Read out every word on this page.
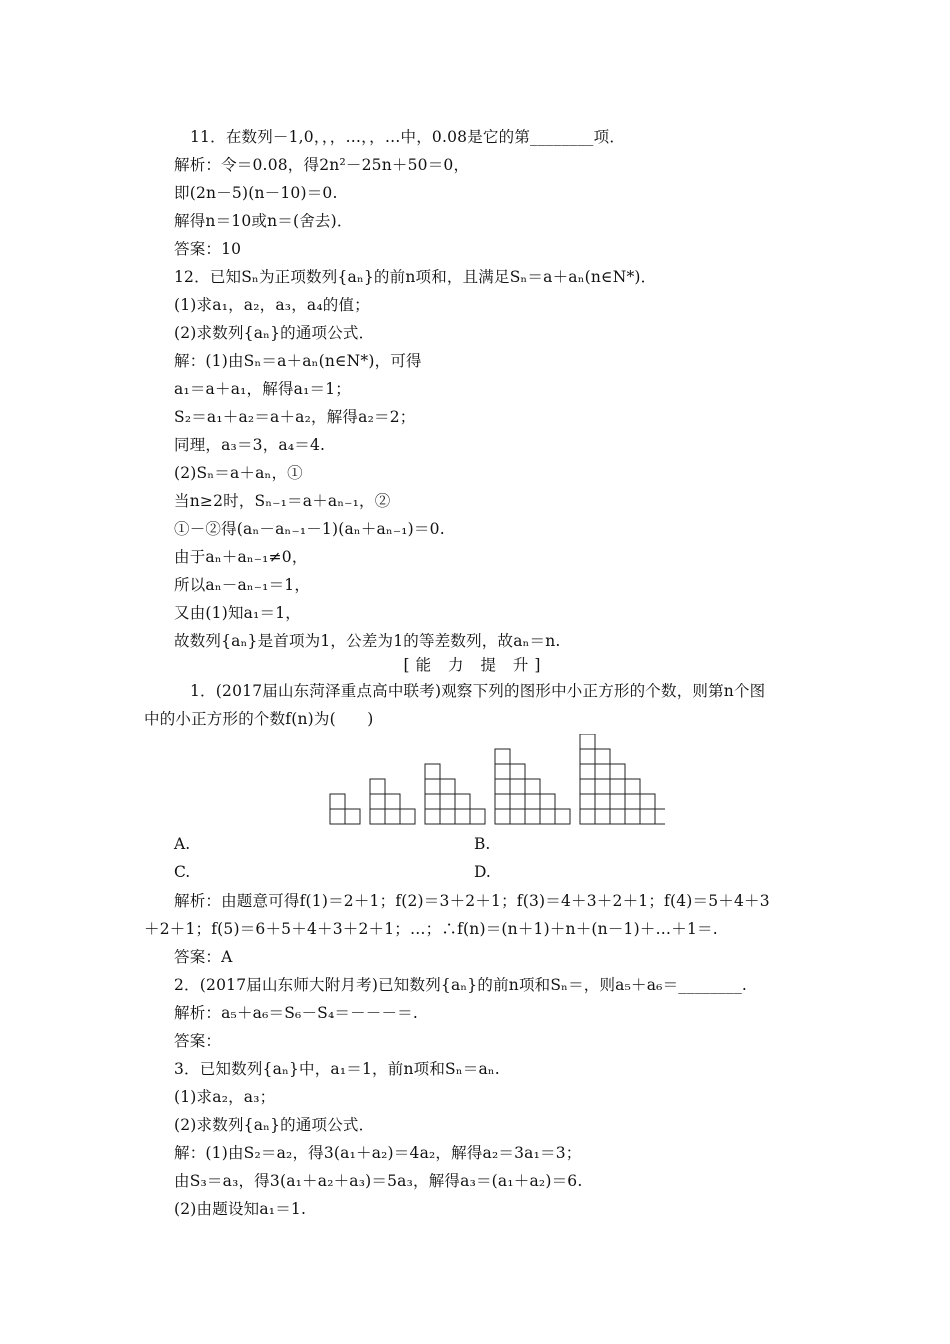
11．在数列－1,0，，，…，，…中，0.08是它的第________项．
解析：令＝0.08，得2n²－25n＋50＝0，
即(2n－5)(n－10)＝0.
解得n＝10或n＝(舍去)．
答案：10
12．已知Sₙ为正项数列{aₙ}的前n项和，且满足Sₙ＝a＋aₙ(n∈N*)．
(1)求a₁，a₂，a₃，a₄的值；
(2)求数列{aₙ}的通项公式．
解：(1)由Sₙ＝a＋aₙ(n∈N*)，可得
a₁＝a＋a₁，解得a₁＝1；
S₂＝a₁＋a₂＝a＋a₂，解得a₂＝2；
同理，a₃＝3，a₄＝4.
(2)Sₙ＝a＋aₙ，①
当n≥2时，Sₙ₋₁＝a＋aₙ₋₁，②
①－②得(aₙ－aₙ₋₁－1)(aₙ＋aₙ₋₁)＝0.
由于aₙ＋aₙ₋₁≠0，
所以aₙ－aₙ₋₁＝1，
又由(1)知a₁＝1，
故数列{aₙ}是首项为1，公差为1的等差数列，故aₙ＝n.
1．(2017届山东菏泽重点高中联考)观察下列的图形中小正方形的个数，则第n个图
中的小正方形的个数f(n)为(　　)
解析：由题意可得f(1)＝2＋1；f(2)＝3＋2＋1；f(3)＝4＋3＋2＋1；f(4)＝5＋4＋3
＋2＋1；f(5)＝6＋5＋4＋3＋2＋1；…；∴f(n)＝(n＋1)＋n＋(n－1)＋…＋1＝.
答案：A
2．(2017届山东师大附月考)已知数列{aₙ}的前n项和Sₙ＝，则a₅＋a₆＝________.
解析：a₅＋a₆＝S₆－S₄＝－－－＝.
答案：
3．已知数列{aₙ}中，a₁＝1，前n项和Sₙ＝aₙ.
(1)求a₂，a₃；
(2)求数列{aₙ}的通项公式．
解：(1)由S₂＝a₂，得3(a₁＋a₂)＝4a₂，解得a₂＝3a₁＝3；
由S₃＝a₃，得3(a₁＋a₂＋a₃)＝5a₃，解得a₃＝(a₁＋a₂)＝6.
(2)由题设知a₁＝1.
[能 力 提 升]
A.	B.
C.	D.
